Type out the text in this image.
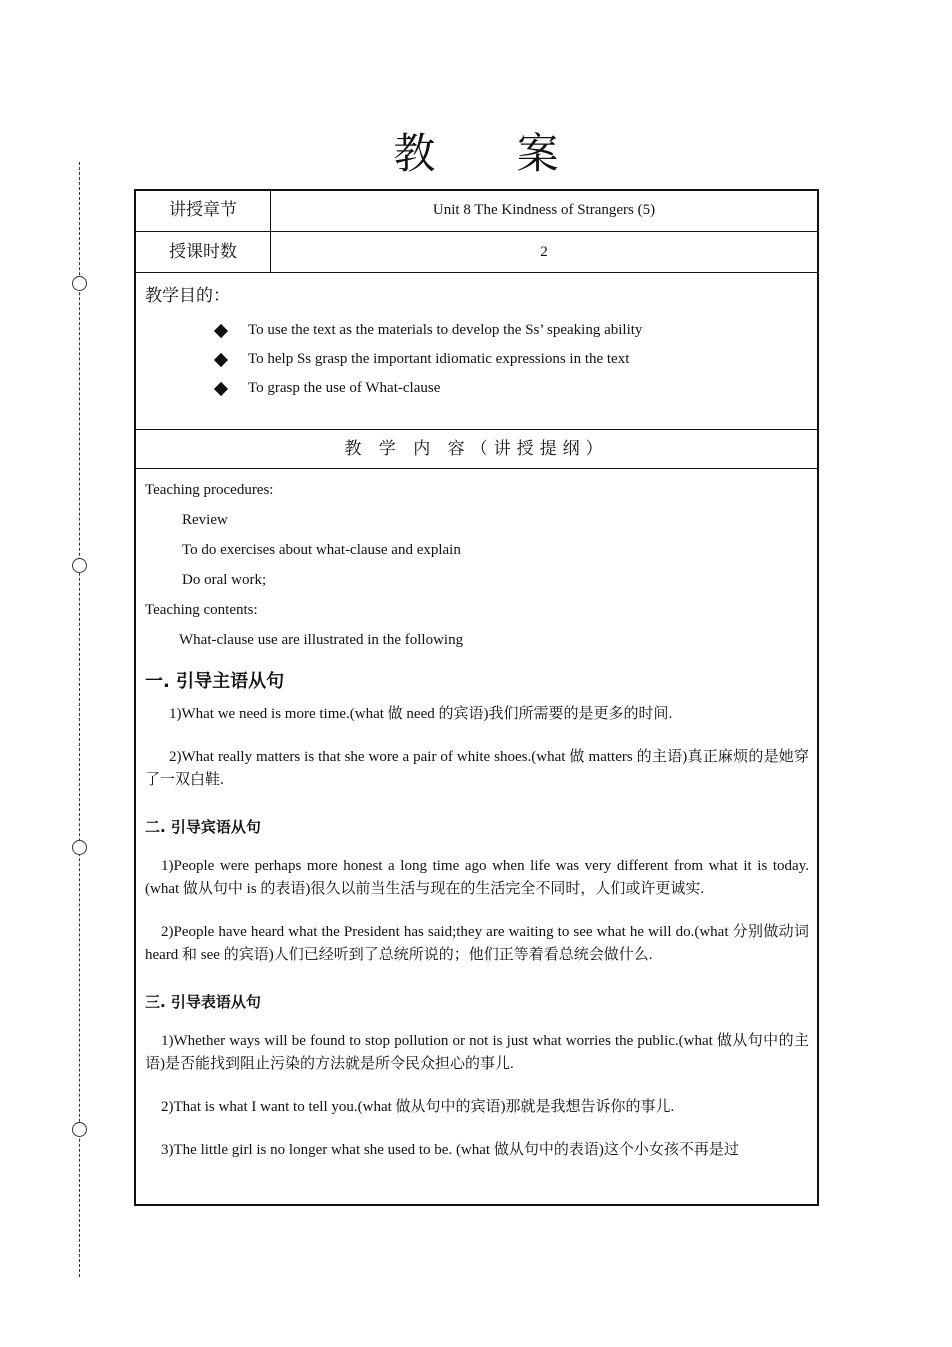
教 案
讲授章节	Unit 8 The Kindness of Strangers (5)
授课时数	2
教学目的：
To use the text as the materials to develop the Ss’ speaking ability
To help Ss grasp the important idiomatic expressions in the text
To grasp the use of What-clause
教 学 内 容（讲授提纲）
Teaching procedures:
Review
To do exercises about what-clause and explain
Do oral work;
Teaching contents:
What-clause use are illustrated in the following
一. 引导主语从句

1)What we need is more time.(what 做 need 的宾语)我们所需要的是更多的时间.

2)What really matters is that she wore a pair of white shoes.(what 做 matters 的主语)真正麻烦的是她穿了一双白鞋.

二. 引导宾语从句

1)People were perhaps more honest a long time ago when life was very different from what it is today.(what 做从句中 is 的表语)很久以前当生活与现在的生活完全不同时，人们或许更诚实.

2)People have heard what the President has said;they are waiting to see what he will do.(what 分别做动词 heard 和 see 的宾语)人们已经听到了总统所说的；他们正等着看总统会做什么.

三. 引导表语从句

1)Whether ways will be found to stop pollution or not is just what worries the public.(what 做从句中的主语)是否能找到阻止污染的方法就是所令民众担心的事儿.

2)That is what I want to tell you.(what 做从句中的宾语)那就是我想告诉你的事儿.

3)The little girl is no longer what she used to be. (what 做从句中的表语)这个小女孩不再是过
